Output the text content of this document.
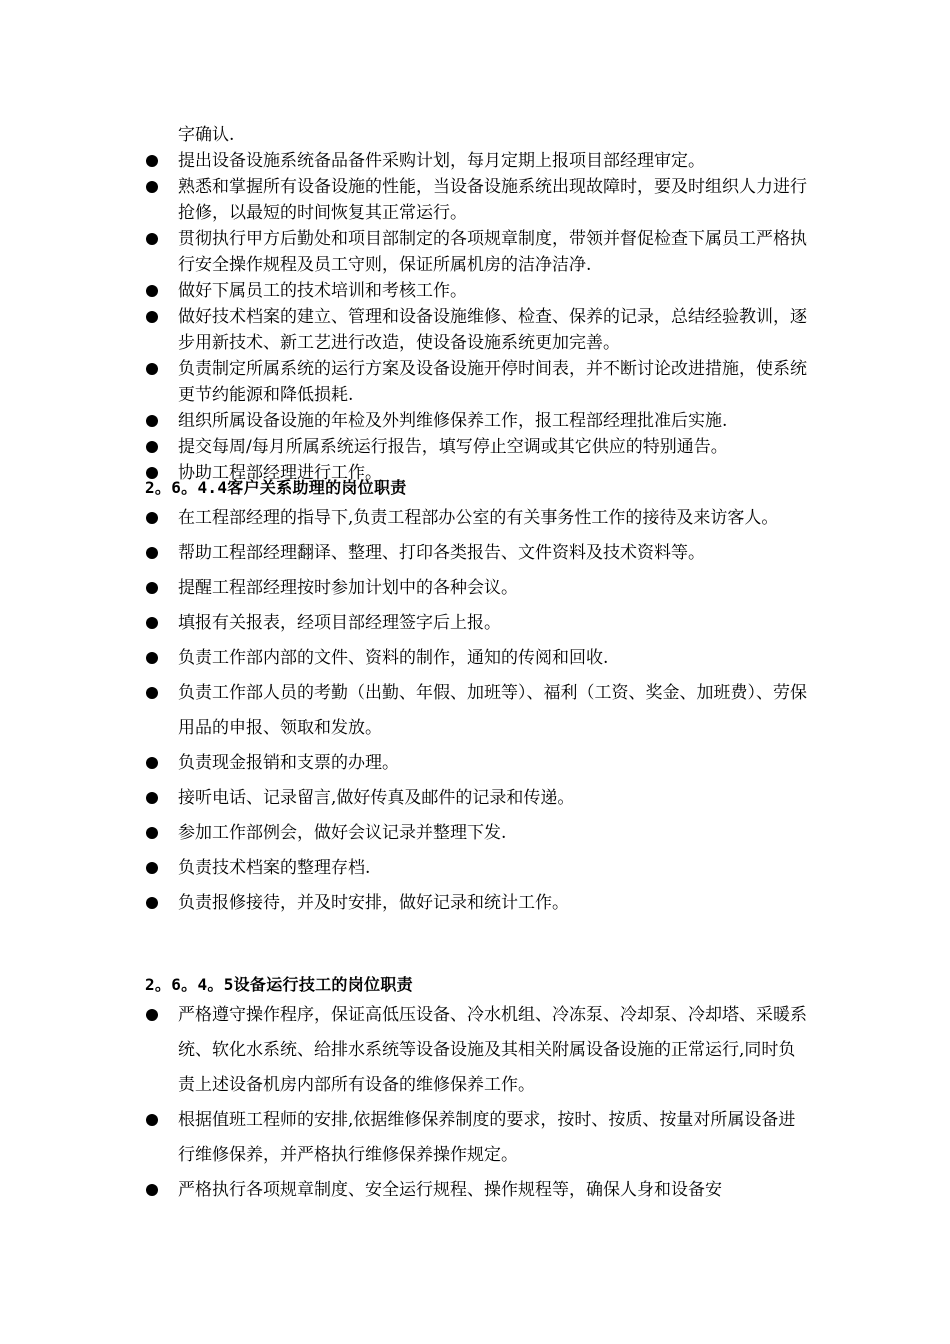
字确认.
提出设备设施系统备品备件采购计划，每月定期上报项目部经理审定。
熟悉和掌握所有设备设施的性能，当设备设施系统出现故障时，要及时组织人力进行抢修，以最短的时间恢复其正常运行。
贯彻执行甲方后勤处和项目部制定的各项规章制度，带领并督促检查下属员工严格执行安全操作规程及员工守则，保证所属机房的洁净洁净.
做好下属员工的技术培训和考核工作。
做好技术档案的建立、管理和设备设施维修、检查、保养的记录，总结经验教训，逐步用新技术、新工艺进行改造，使设备设施系统更加完善。
负责制定所属系统的运行方案及设备设施开停时间表，并不断讨论改进措施，使系统更节约能源和降低损耗.
组织所属设备设施的年检及外判维修保养工作，报工程部经理批准后实施.
提交每周/每月所属系统运行报告，填写停止空调或其它供应的特别通告。
协助工程部经理进行工作。
2。6。4.4客户关系助理的岗位职责
在工程部经理的指导下,负责工程部办公室的有关事务性工作的接待及来访客人。
帮助工程部经理翻译、整理、打印各类报告、文件资料及技术资料等。
提醒工程部经理按时参加计划中的各种会议。
填报有关报表，经项目部经理签字后上报。
负责工作部内部的文件、资料的制作，通知的传阅和回收.
负责工作部人员的考勤（出勤、年假、加班等）、福利（工资、奖金、加班费）、劳保用品的申报、领取和发放。
负责现金报销和支票的办理。
接听电话、记录留言,做好传真及邮件的记录和传递。
参加工作部例会，做好会议记录并整理下发.
负责技术档案的整理存档.
负责报修接待，并及时安排，做好记录和统计工作。
2。6。4。5设备运行技工的岗位职责
严格遵守操作程序，保证高低压设备、冷水机组、冷冻泵、冷却泵、冷却塔、采暖系统、软化水系统、给排水系统等设备设施及其相关附属设备设施的正常运行,同时负责上述设备机房内部所有设备的维修保养工作。
根据值班工程师的安排,依据维修保养制度的要求，按时、按质、按量对所属设备进行维修保养，并严格执行维修保养操作规定。
严格执行各项规章制度、安全运行规程、操作规程等，确保人身和设备安
